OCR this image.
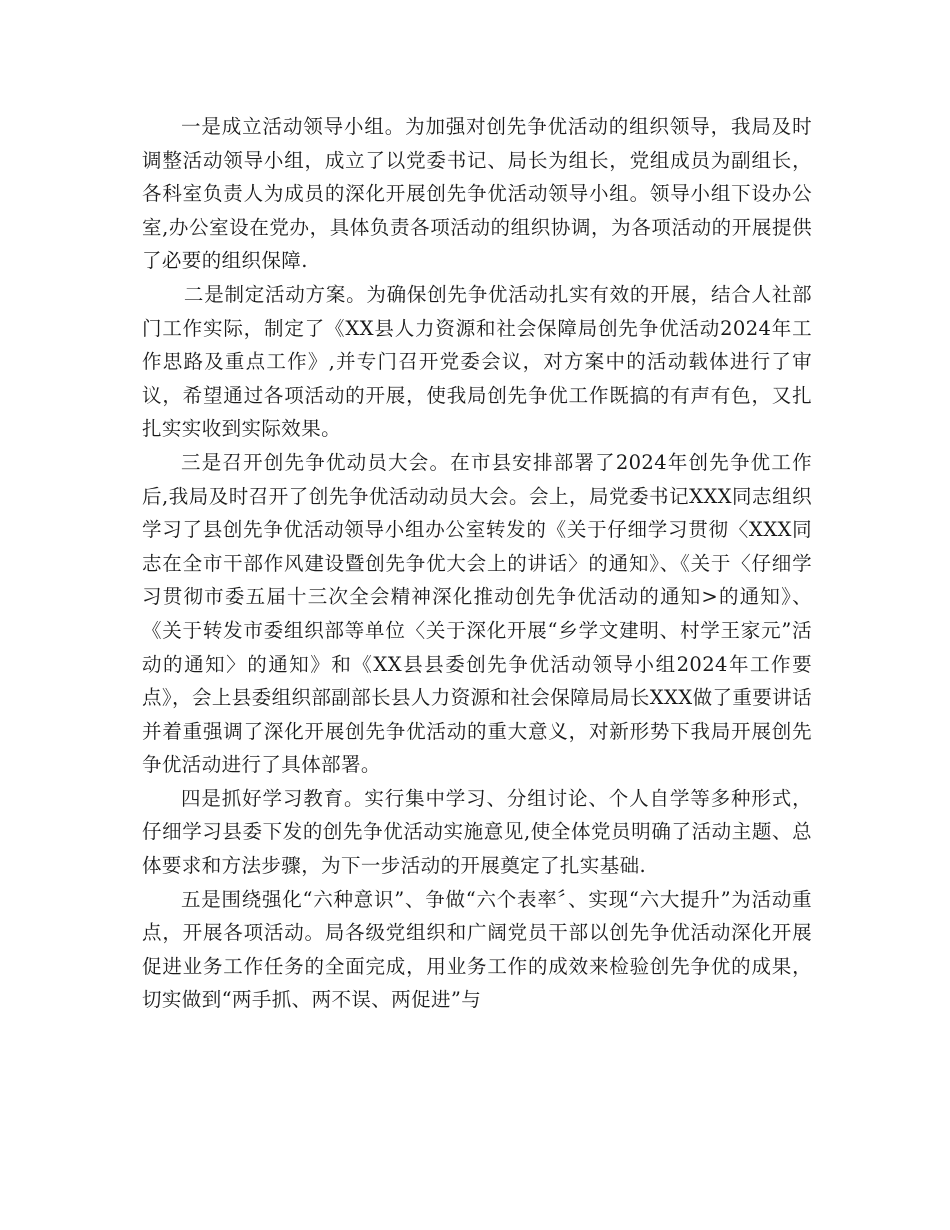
一是成立活动领导小组。为加强对创先争优活动的组织领导，我局及时调整活动领导小组，成立了以党委书记、局长为组长，党组成员为副组长，各科室负责人为成员的深化开展创先争优活动领导小组。领导小组下设办公室,办公室设在党办，具体负责各项活动的组织协调，为各项活动的开展提供了必要的组织保障.

二是制定活动方案。为确保创先争优活动扎实有效的开展，结合人社部门工作实际，制定了《XX县人力资源和社会保障局创先争优活动2024年工作思路及重点工作》,并专门召开党委会议，对方案中的活动载体进行了审议，希望通过各项活动的开展，使我局创先争优工作既搞的有声有色，又扎扎实实收到实际效果。

三是召开创先争优动员大会。在市县安排部署了2024年创先争优工作后,我局及时召开了创先争优活动动员大会。会上，局党委书记XXX同志组织学习了县创先争优活动领导小组办公室转发的《关于仔细学习贯彻〈XXX同志在全市干部作风建设暨创先争优大会上的讲话〉的通知》、《关于〈仔细学习贯彻市委五届十三次全会精神深化推动创先争优活动的通知>的通知》、《关于转发市委组织部等单位〈关于深化开展“乡学文建明、村学王家元”活动的通知〉的通知》和《XX县县委创先争优活动领导小组2024年工作要点》，会上县委组织部副部长县人力资源和社会保障局局长XXX做了重要讲话并着重强调了深化开展创先争优活动的重大意义，对新形势下我局开展创先争优活动进行了具体部署。

四是抓好学习教育。实行集中学习、分组讨论、个人自学等多种形式，仔细学习县委下发的创先争优活动实施意见,使全体党员明确了活动主题、总体要求和方法步骤，为下一步活动的开展奠定了扎实基础.

五是围绕强化“六种意识”、争做“六个表率〞、实现“六大提升”为活动重点，开展各项活动。局各级党组织和广阔党员干部以创先争优活动深化开展促进业务工作任务的全面完成，用业务工作的成效来检验创先争优的成果，切实做到“两手抓、两不误、两促进”与
